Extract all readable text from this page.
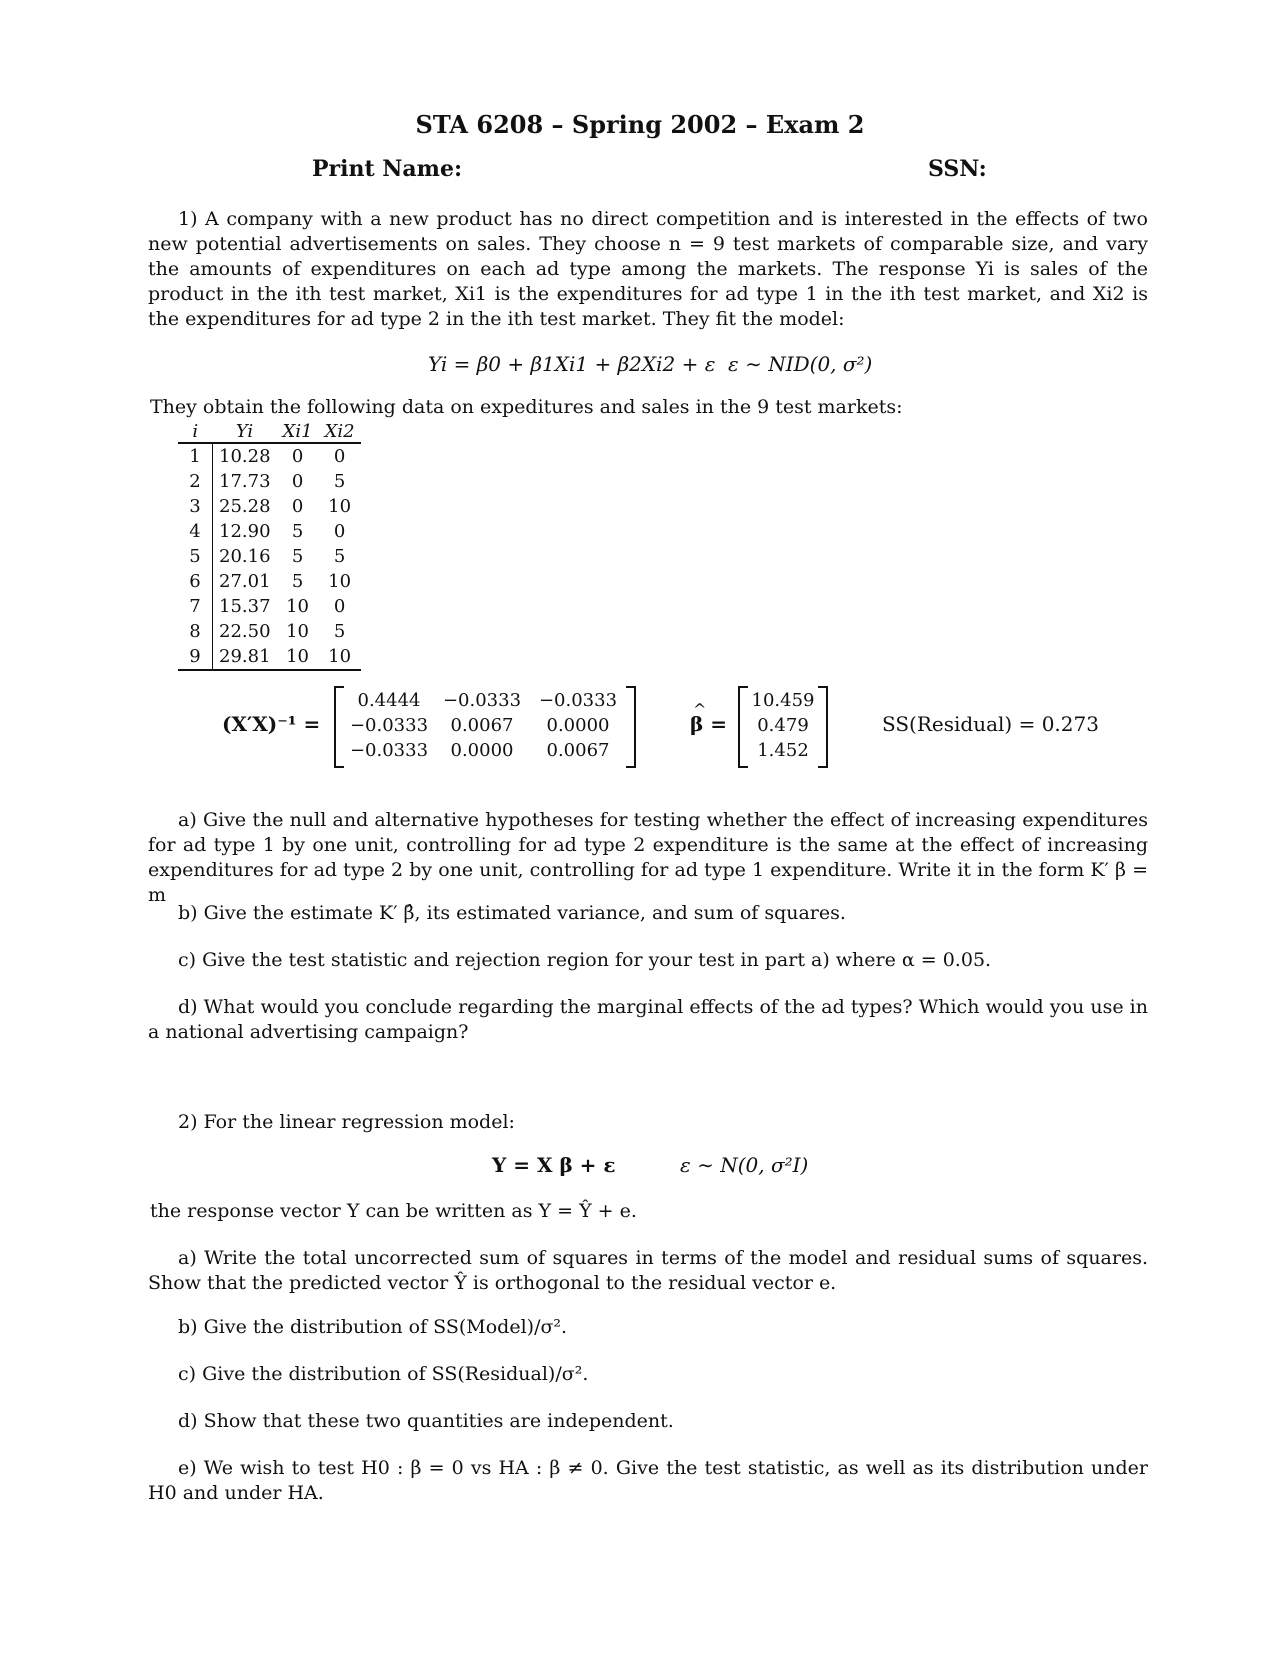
STA 6208 – Spring 2002 – Exam 2
Print Name:	SSN:
1) A company with a new product has no direct competition and is interested in the effects of two new potential advertisements on sales. They choose n = 9 test markets of comparable size, and vary the amounts of expenditures on each ad type among the markets. The response Yi is sales of the product in the ith test market, Xi1 is the expenditures for ad type 1 in the ith test market, and Xi2 is the expenditures for ad type 2 in the ith test market. They fit the model:
Yi = β0 + β1Xi1 + β2Xi2 + ε ε ∼ NID(0, σ²)
They obtain the following data on expeditures and sales in the 9 test markets:
i	Yi	Xi1	Xi2
1	10.28	0	0
2	17.73	0	5
3	25.28	0	10
4	12.90	5	0
5	20.16	5	5
6	27.01	5	10
7	15.37	10	0
8	22.50	10	5
9	29.81	10	10
(X′X)⁻¹ =
0.4444	−0.0333 −0.0333
−0.0333	0.0067	0.0000
−0.0333	0.0000	0.0067
^ β =
10.459
0.479
1.452
SS(Residual) = 0.273
a) Give the null and alternative hypotheses for testing whether the effect of increasing expenditures for ad type 1 by one unit, controlling for ad type 2 expenditure is the same at the effect of increasing expenditures for ad type 2 by one unit, controlling for ad type 1 expenditure. Write it in the form K′ β = m
b) Give the estimate K′ β̂, its estimated variance, and sum of squares.
c) Give the test statistic and rejection region for your test in part a) where α = 0.05.
d) What would you conclude regarding the marginal effects of the ad types? Which would you use in a national advertising campaign?
2) For the linear regression model:
Y = X β + ε	ε ∼ N(0, σ²I)
the response vector Y can be written as Y = Ŷ + e.
a) Write the total uncorrected sum of squares in terms of the model and residual sums of squares. Show that the predicted vector Ŷ is orthogonal to the residual vector e.
b) Give the distribution of SS(Model)/σ².
c) Give the distribution of SS(Residual)/σ².
d) Show that these two quantities are independent.
e) We wish to test H0 : β = 0 vs HA : β ≠ 0. Give the test statistic, as well as its distribution under H0 and under HA.
